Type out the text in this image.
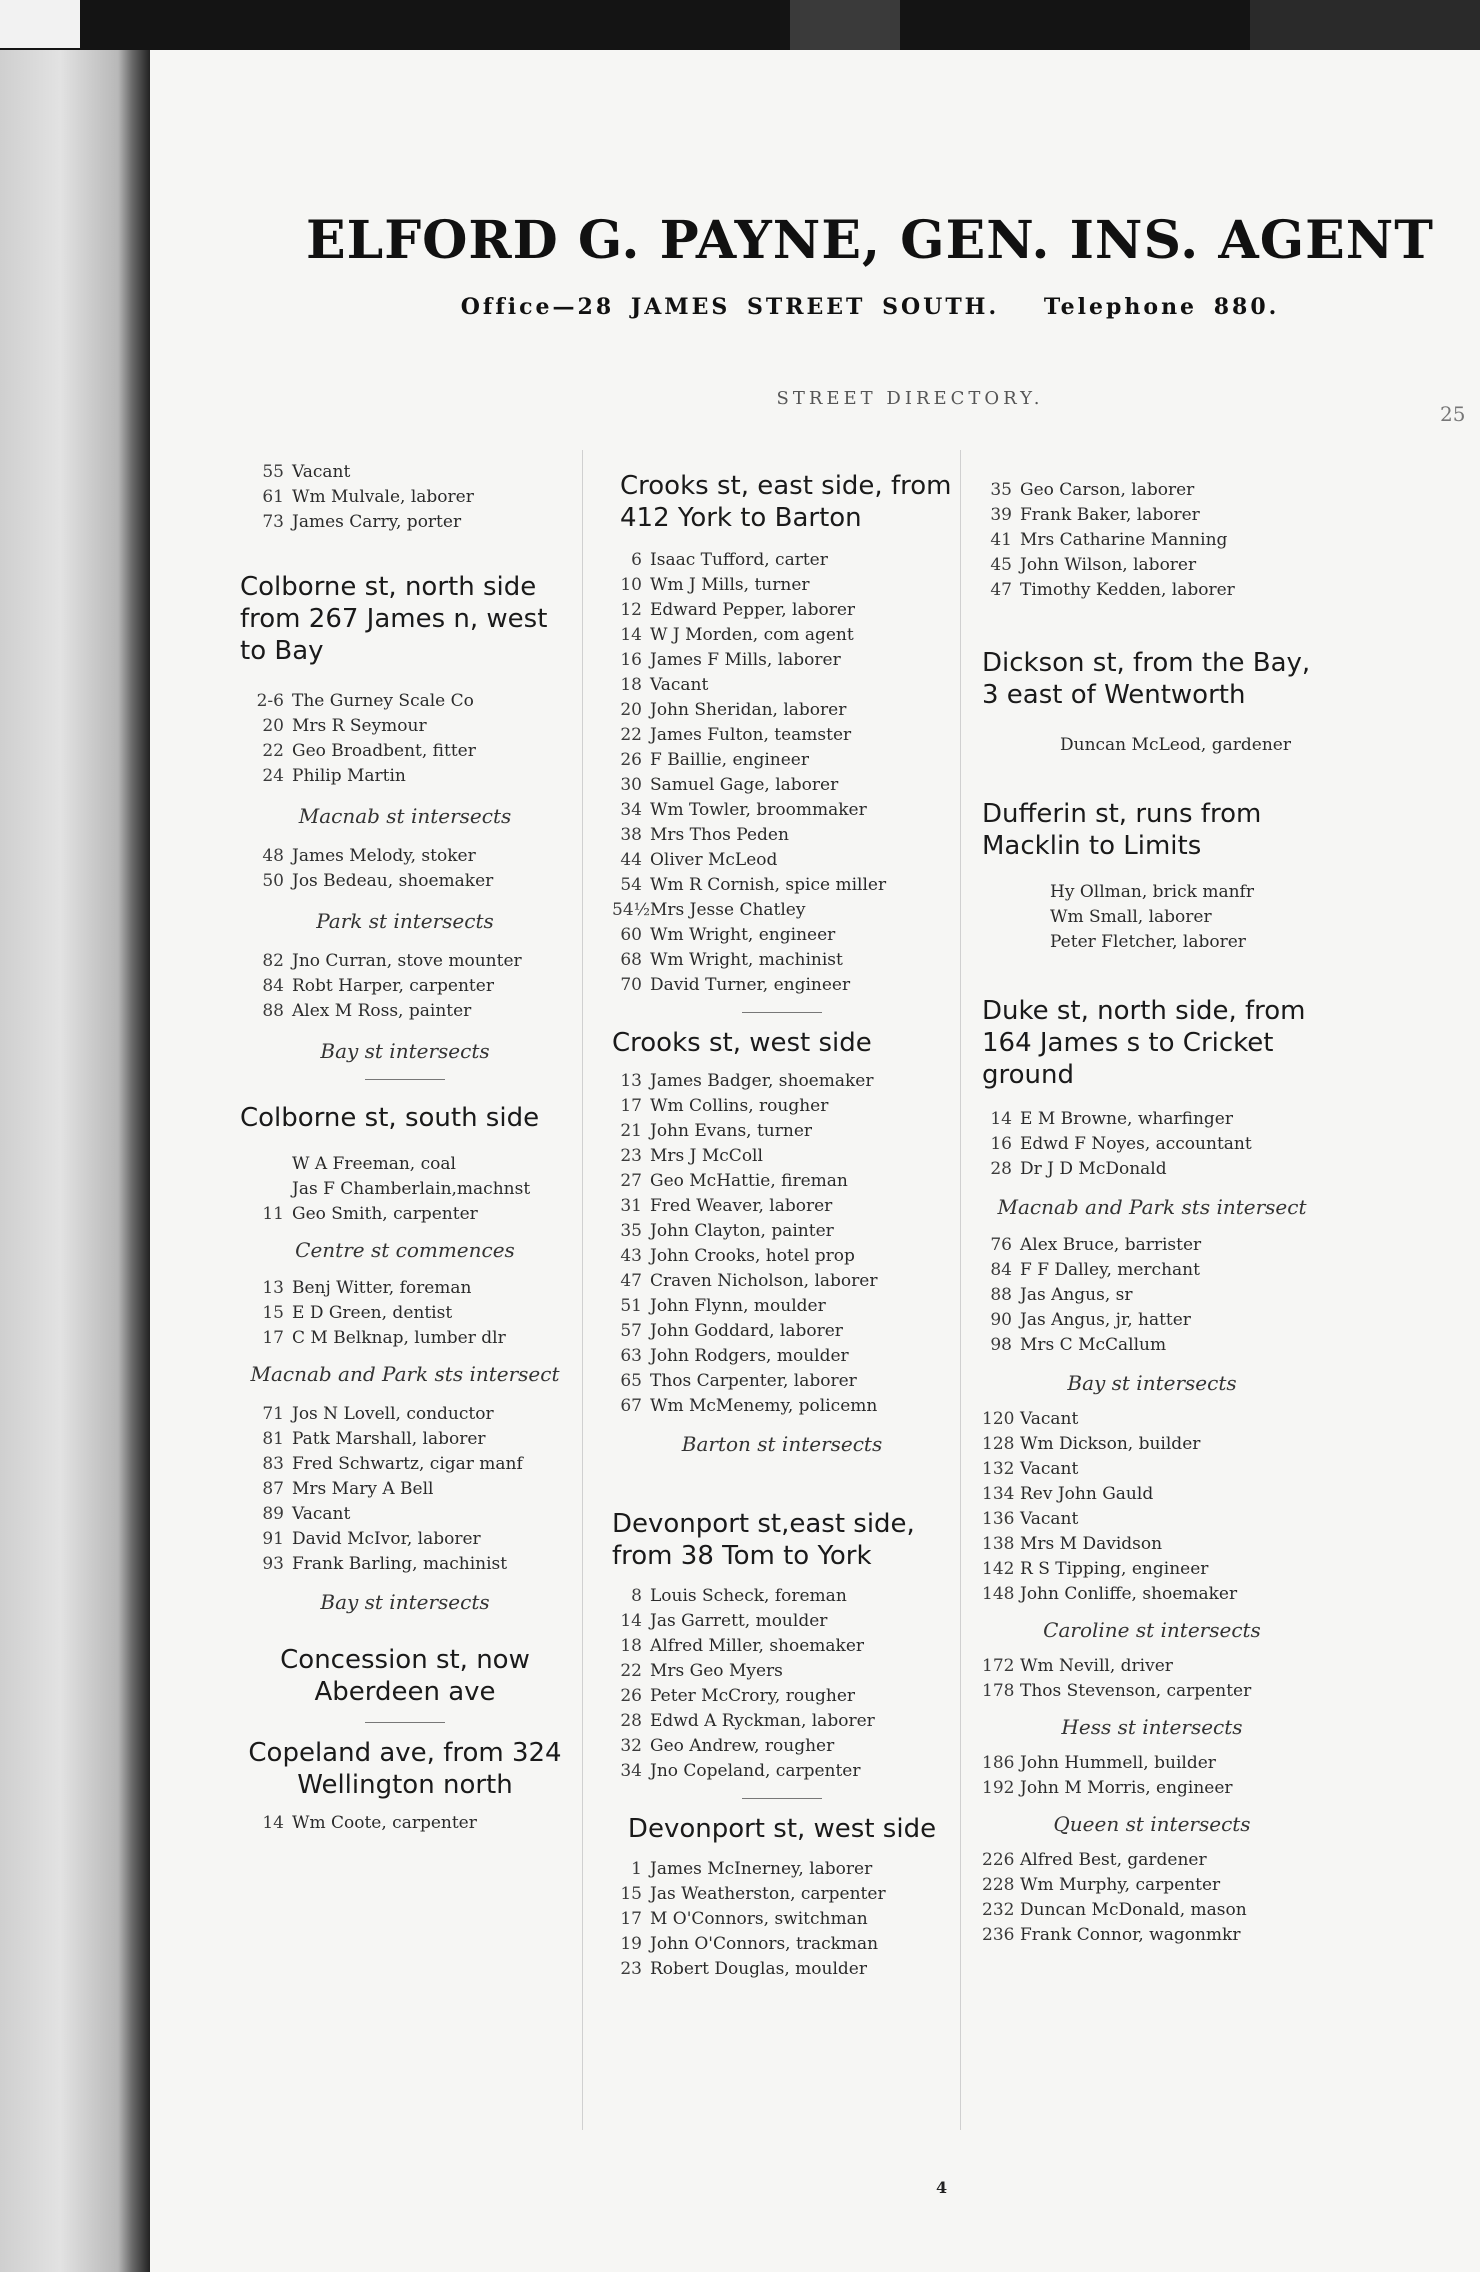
ELFORD G. PAYNE, GEN. INS. AGENT
Office—28 JAMES STREET SOUTH. Telephone 880.
STREET DIRECTORY.
25
55 Vacant
61 Wm Mulvale, laborer
73 James Carry, porter
Colborne st, north side from 267 James n, west to Bay
2-6 The Gurney Scale Co
20 Mrs R Seymour
22 Geo Broadbent, fitter
24 Philip Martin
Macnab st intersects
48 James Melody, stoker
50 Jos Bedeau, shoemaker
Park st intersects
82 Jno Curran, stove mounter
84 Robt Harper, carpenter
88 Alex M Ross, painter
Bay st intersects
Colborne st, south side
W A Freeman, coal
Jas F Chamberlain,machnst
11 Geo Smith, carpenter
Centre st commences
13 Benj Witter, foreman
15 E D Green, dentist
17 C M Belknap, lumber dlr
Macnab and Park sts intersect
71 Jos N Lovell, conductor
81 Patk Marshall, laborer
83 Fred Schwartz, cigar manf
87 Mrs Mary A Bell
89 Vacant
91 David McIvor, laborer
93 Frank Barling, machinist
Bay st intersects
Concession st, now Aberdeen ave
Copeland ave, from 324 Wellington north
14 Wm Coote, carpenter
Crooks st, east side, from 412 York to Barton
6 Isaac Tufford, carter
10 Wm J Mills, turner
12 Edward Pepper, laborer
14 W J Morden, com agent
16 James F Mills, laborer
18 Vacant
20 John Sheridan, laborer
22 James Fulton, teamster
26 F Baillie, engineer
30 Samuel Gage, laborer
34 Wm Towler, broommaker
38 Mrs Thos Peden
44 Oliver McLeod
54 Wm R Cornish, spice miller
54½Mrs Jesse Chatley
60 Wm Wright, engineer
68 Wm Wright, machinist
70 David Turner, engineer
Crooks st, west side
13 James Badger, shoemaker
17 Wm Collins, rougher
21 John Evans, turner
23 Mrs J McColl
27 Geo McHattie, fireman
31 Fred Weaver, laborer
35 John Clayton, painter
43 John Crooks, hotel prop
47 Craven Nicholson, laborer
51 John Flynn, moulder
57 John Goddard, laborer
63 John Rodgers, moulder
65 Thos Carpenter, laborer
67 Wm McMenemy, policemn
Barton st intersects
Devonport st,east side, from 38 Tom to York
8 Louis Scheck, foreman
14 Jas Garrett, moulder
18 Alfred Miller, shoemaker
22 Mrs Geo Myers
26 Peter McCrory, rougher
28 Edwd A Ryckman, laborer
32 Geo Andrew, rougher
34 Jno Copeland, carpenter
Devonport st, west side
1 James McInerney, laborer
15 Jas Weatherston, carpenter
17 M O'Connors, switchman
19 John O'Connors, trackman
23 Robert Douglas, moulder
35 Geo Carson, laborer
39 Frank Baker, laborer
41 Mrs Catharine Manning
45 John Wilson, laborer
47 Timothy Kedden, laborer
Dickson st, from the Bay, 3 east of Wentworth
Duncan McLeod, gardener
Dufferin st, runs from Macklin to Limits
Hy Ollman, brick manfr
Wm Small, laborer
Peter Fletcher, laborer
Duke st, north side, from 164 James s to Cricket ground
14 E M Browne, wharfinger
16 Edwd F Noyes, accountant
28 Dr J D McDonald
Macnab and Park sts intersect
76 Alex Bruce, barrister
84 F F Dalley, merchant
88 Jas Angus, sr
90 Jas Angus, jr, hatter
98 Mrs C McCallum
Bay st intersects
120 Vacant
128 Wm Dickson, builder
132 Vacant
134 Rev John Gauld
136 Vacant
138 Mrs M Davidson
142 R S Tipping, engineer
148 John Conliffe, shoemaker
Caroline st intersects
172 Wm Nevill, driver
178 Thos Stevenson, carpenter
Hess st intersects
186 John Hummell, builder
192 John M Morris, engineer
Queen st intersects
226 Alfred Best, gardener
228 Wm Murphy, carpenter
232 Duncan McDonald, mason
236 Frank Connor, wagonmkr
4
